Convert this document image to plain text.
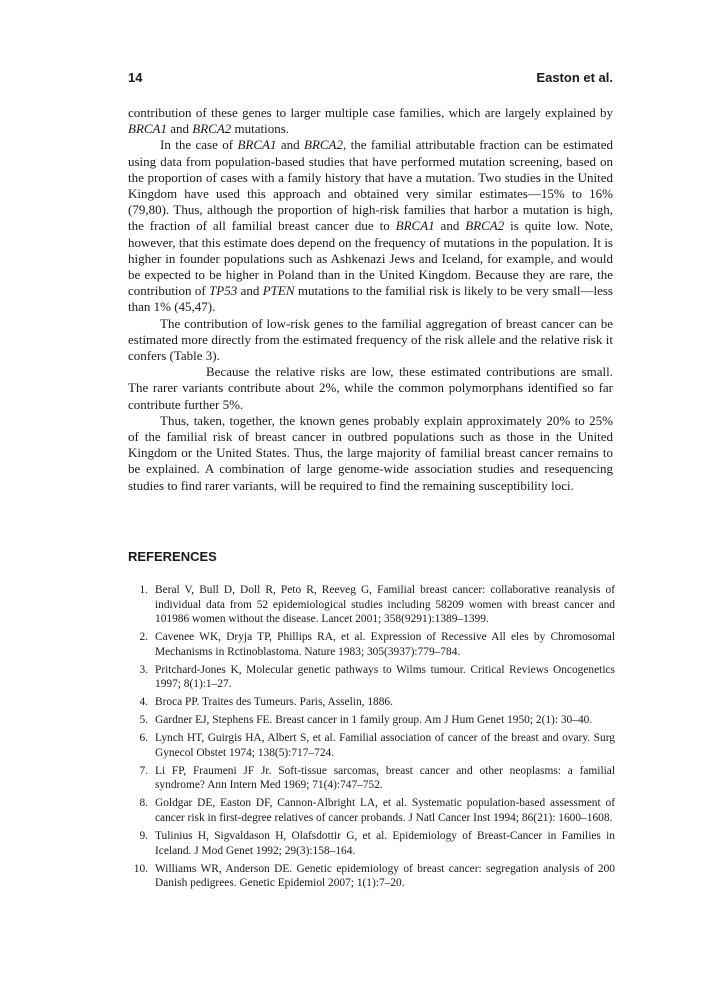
14	Easton et al.

contribution of these genes to larger multiple case families, which are largely explained by BRCA1 and BRCA2 mutations.

In the case of BRCA1 and BRCA2, the familial attributable fraction can be estimated using data from population-based studies that have performed mutation screening, based on the proportion of cases with a family history that have a mutation. Two studies in the United Kingdom have used this approach and obtained very similar estimates—15% to 16% (79,80). Thus, although the proportion of high-risk families that harbor a mutation is high, the fraction of all familial breast cancer due to BRCA1 and BRCA2 is quite low. Note, however, that this estimate does depend on the frequency of mutations in the population. It is higher in founder populations such as Ashkenazi Jews and Iceland, for example, and would be expected to be higher in Poland than in the United Kingdom. Because they are rare, the contribution of TP53 and PTEN mutations to the familial risk is likely to be very small—less than 1% (45,47).

The contribution of low-risk genes to the familial aggregation of breast cancer can be estimated more directly from the estimated frequency of the risk allele and the relative risk it confers (Table 3).

Because the relative risks are low, these estimated contributions are small. The rarer variants contribute about 2%, while the common polymorphans identified so far contribute further 5%.

Thus, taken, together, the known genes probably explain approximately 20% to 25% of the familial risk of breast cancer in outbred populations such as those in the United Kingdom or the United States. Thus, the large majority of familial breast cancer remains to be explained. A combination of large genome-wide association studies and resequencing studies to find rarer variants, will be required to find the remaining susceptibility loci.

REFERENCES
1. Beral V, Bull D, Doll R, Peto R, Reeveg G, Familial breast cancer: collaborative reanalysis of individual data from 52 epidemiological studies including 58209 women with breast cancer and 101986 women without the disease. Lancet 2001; 358(9291):1389–1399.
2. Cavenee WK, Dryja TP, Phillips RA, et al. Expression of Recessive All eles by Chromosomal Mechanisms in Rctinoblastoma. Nature 1983; 305(3937):779–784.
3. Pritchard-Jones K, Molecular genetic pathways to Wilms tumour. Critical Reviews Oncogenetics 1997; 8(1):1–27.
4. Broca PP. Traites des Tumeurs. Paris, Asselin, 1886.
5. Gardner EJ, Stephens FE. Breast cancer in 1 family group. Am J Hum Genet 1950; 2(1): 30–40.
6. Lynch HT, Guirgis HA, Albert S, et al. Familial association of cancer of the breast and ovary. Surg Gynecol Obstet 1974; 138(5):717–724.
7. Li FP, Fraumeni JF Jr. Soft-tissue sarcomas, breast cancer and other neoplasms: a familial syndrome? Ann Intern Med 1969; 71(4):747–752.
8. Goldgar DE, Easton DF, Cannon-Albright LA, et al. Systematic population-based assessment of cancer risk in first-degree relatives of cancer probands. J Natl Cancer Inst 1994; 86(21): 1600–1608.
9. Tulinius H, Sigvaldason H, Olafsdottir G, et al. Epidemiology of Breast-Cancer in Families in Iceland. J Mod Genet 1992; 29(3):158–164.
10. Williams WR, Anderson DE. Genetic epidemiology of breast cancer: segregation analysis of 200 Danish pedigrees. Genetic Epidemiol 2007; 1(1):7–20.
